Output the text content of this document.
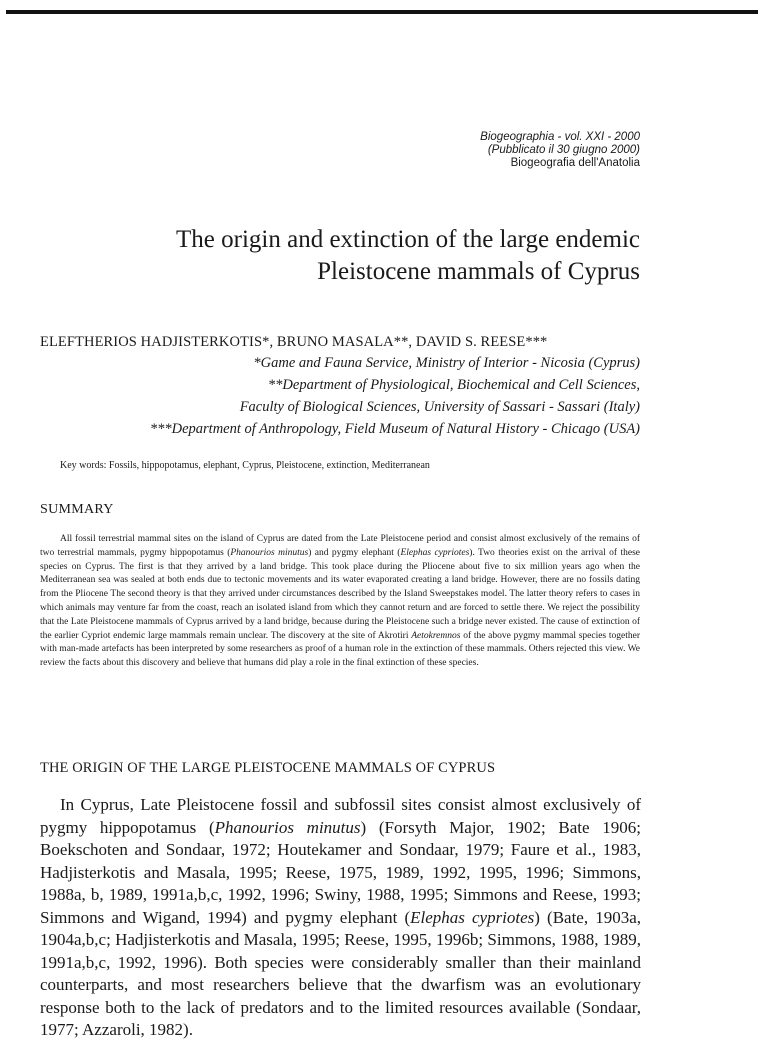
Biogeographia - vol. XXI - 2000
(Pubblicato il 30 giugno 2000)
Biogeografia dell'Anatolia
The origin and extinction of the large endemic
Pleistocene mammals of Cyprus
ELEFTHERIOS HADJISTERKOTIS*, BRUNO MASALA**, DAVID S. REESE***
*Game and Fauna Service, Ministry of Interior - Nicosia (Cyprus)
**Department of Physiological, Biochemical and Cell Sciences,
Faculty of Biological Sciences, University of Sassari - Sassari (Italy)
***Department of Anthropology, Field Museum of Natural History - Chicago (USA)
Key words: Fossils, hippopotamus, elephant, Cyprus, Pleistocene, extinction, Mediterranean
SUMMARY

All fossil terrestrial mammal sites on the island of Cyprus are dated from the Late Pleistocene period and consist almost exclusively of the remains of two terrestrial mammals, pygmy hippopotamus (Phanourios minutus) and pygmy elephant (Elephas cypriotes). Two theories exist on the arrival of these species on Cyprus. The first is that they arrived by a land bridge. This took place during the Pliocene about five to six million years ago when the Mediterranean sea was sealed at both ends due to tectonic movements and its water evaporated creating a land bridge. However, there are no fossils dating from the Pliocene The second theory is that they arrived under circumstances described by the Island Sweepstakes model. The latter theory refers to cases in which animals may venture far from the coast, reach an isolated island from which they cannot return and are forced to settle there. We reject the possibility that the Late Pleistocene mammals of Cyprus arrived by a land bridge, because during the Pleistocene such a bridge never existed. The cause of extinction of the earlier Cypriot endemic large mammals remain unclear. The discovery at the site of Akrotiri Aetokremnos of the above pygmy mammal species together with man-made artefacts has been interpreted by some researchers as proof of a human role in the extinction of these mammals. Others rejected this view. We review the facts about this discovery and believe that humans did play a role in the final extinction of these species.

THE ORIGIN OF THE LARGE PLEISTOCENE MAMMALS OF CYPRUS

In Cyprus, Late Pleistocene fossil and subfossil sites consist almost exclusively of pygmy hippopotamus (Phanourios minutus) (Forsyth Major, 1902; Bate 1906; Boekschoten and Sondaar, 1972; Houtekamer and Sondaar, 1979; Faure et al., 1983, Hadjisterkotis and Masala, 1995; Reese, 1975, 1989, 1992, 1995, 1996; Simmons, 1988a, b, 1989, 1991a,b,c, 1992, 1996; Swiny, 1988, 1995; Simmons and Reese, 1993; Simmons and Wigand, 1994) and pygmy elephant (Elephas cypriotes) (Bate, 1903a, 1904a,b,c; Hadjisterkotis and Masala, 1995; Reese, 1995, 1996b; Simmons, 1988, 1989, 1991a,b,c, 1992, 1996). Both species were considerably smaller than their mainland counterparts, and most researchers believe that the dwarfism was an evolutionary response both to the lack of predators and to the limited resources available (Sondaar, 1977; Azzaroli, 1982).
